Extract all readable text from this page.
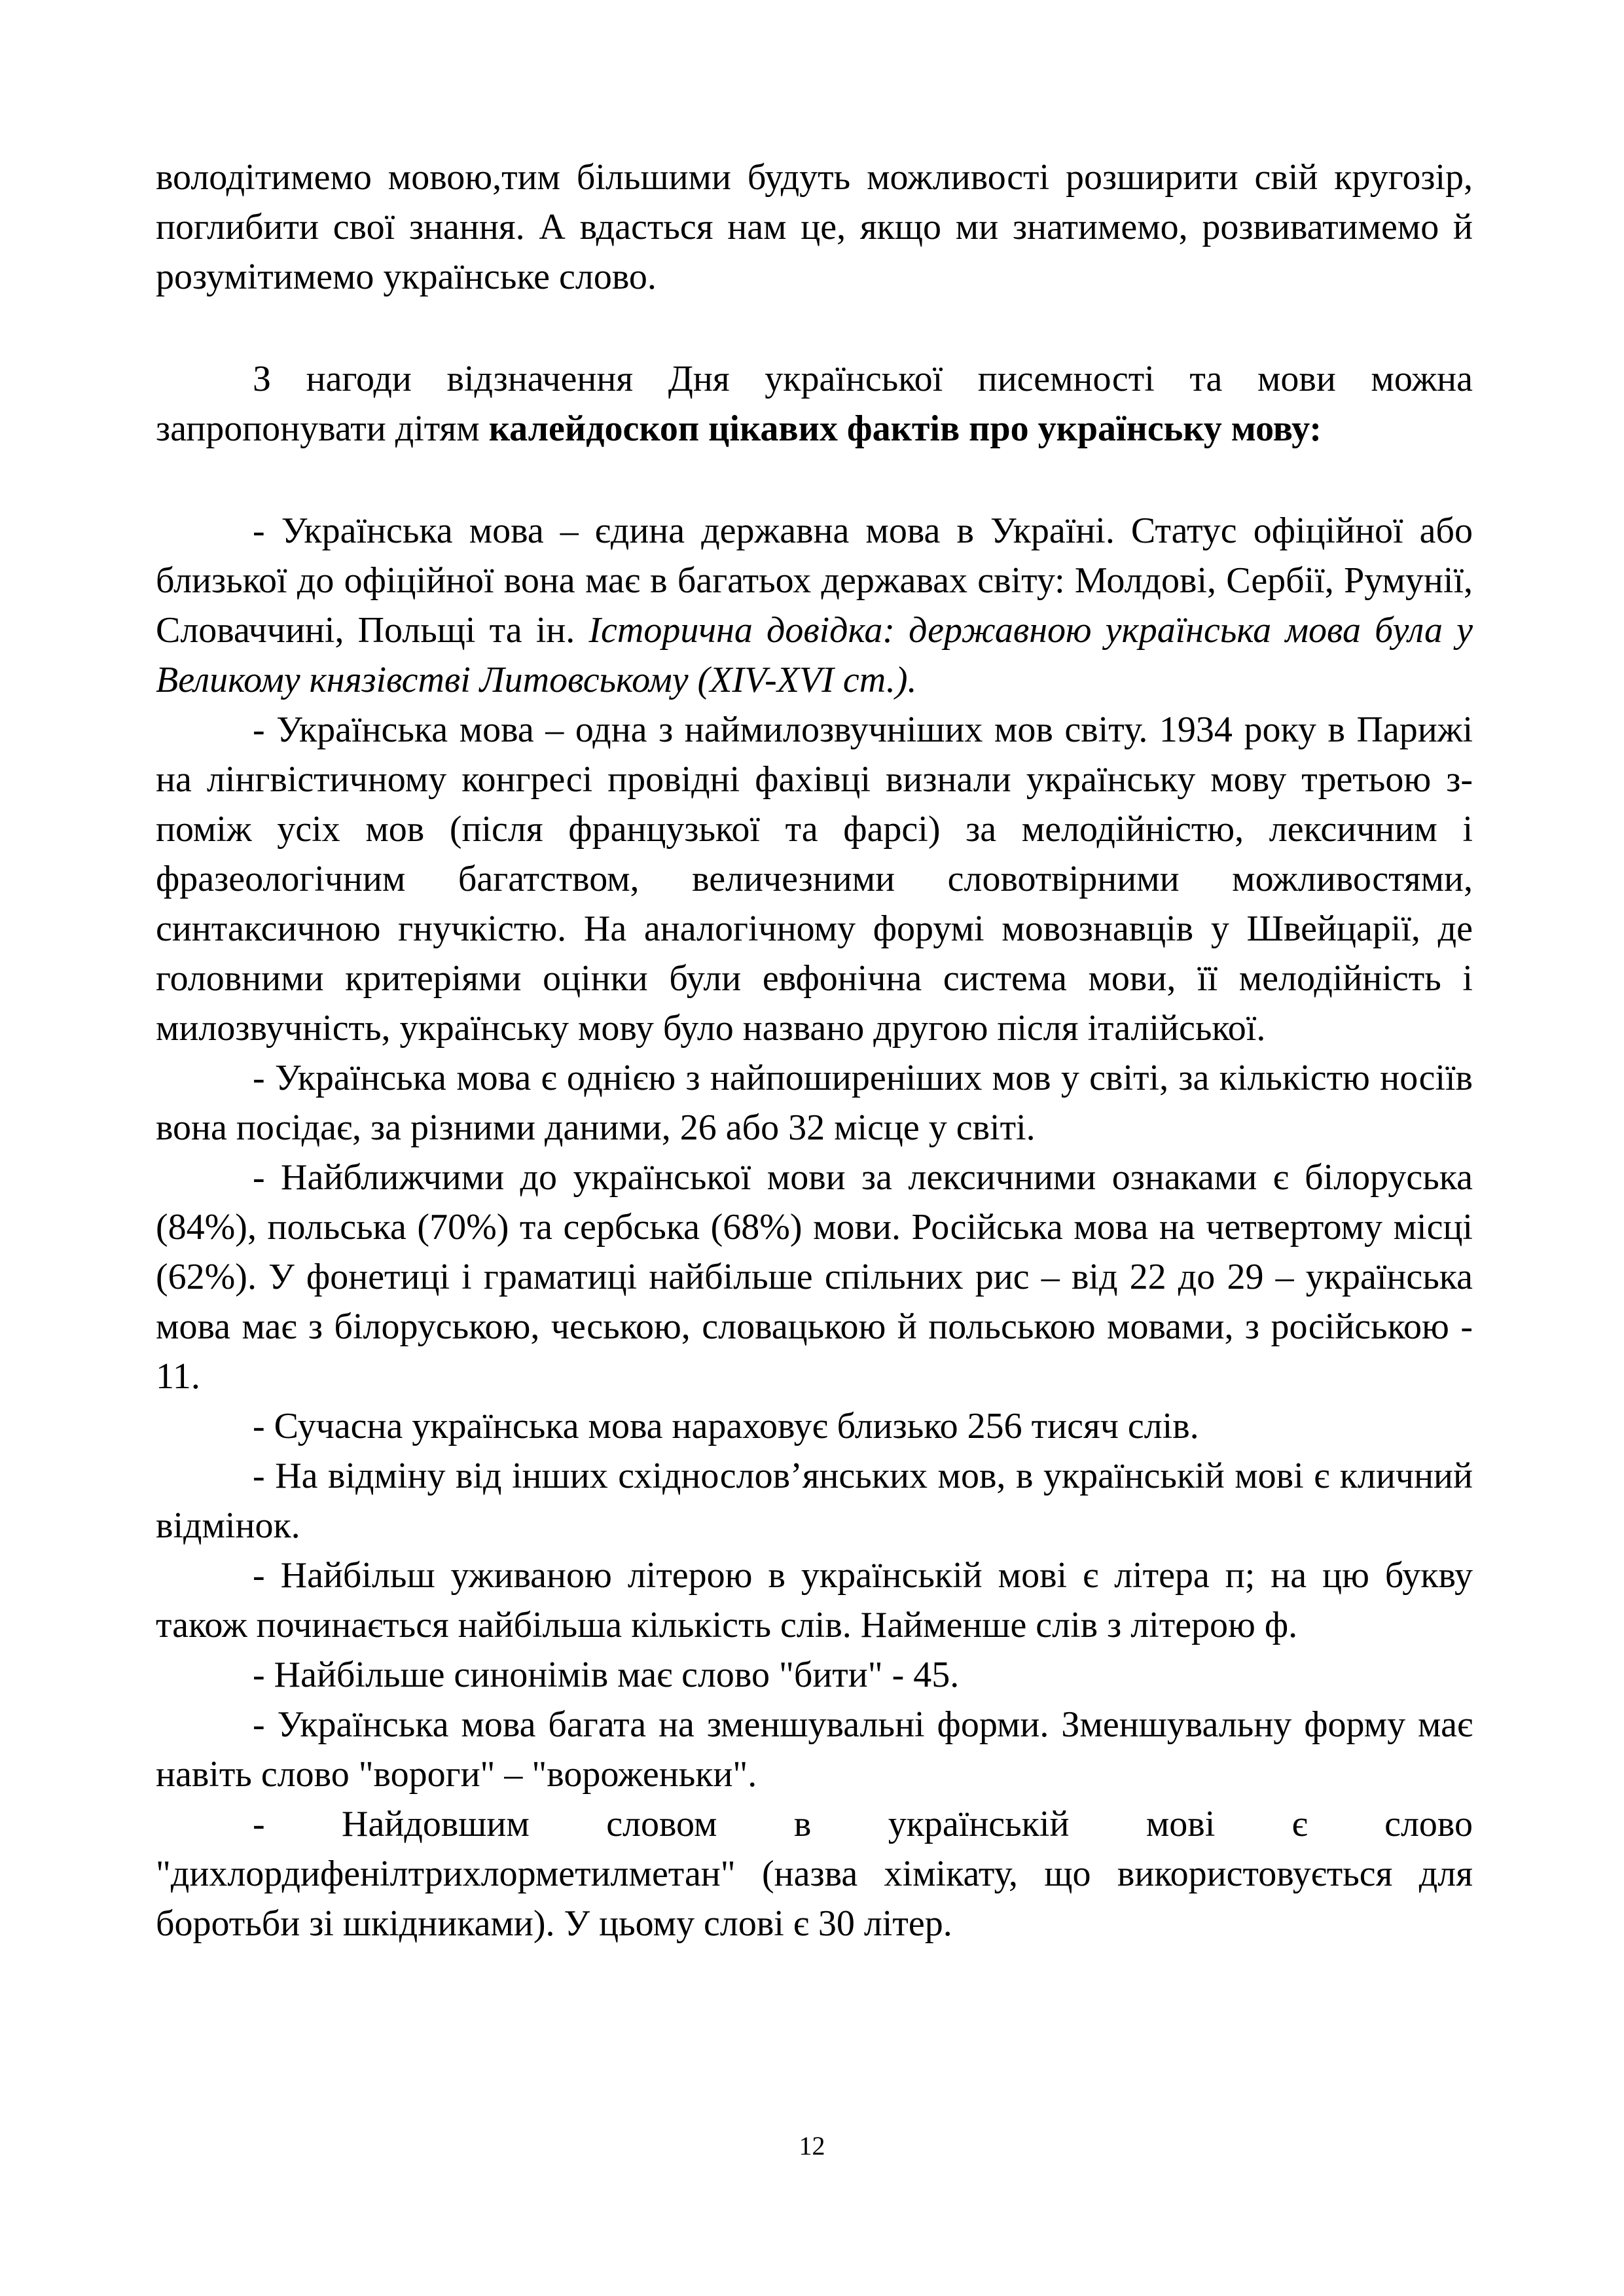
володітимемо мовою,тим більшими будуть можливості розширити свій кругозір, поглибити свої знання. А вдасться нам це, якщо ми знатимемо, розвиватимемо й розумітимемо українське слово.

З нагоди відзначення Дня української писемності та мови можна запропонувати дітям калейдоскоп цікавих фактів про українську мову:

- Українська мова – єдина державна мова в Україні. Статус офіційної або близької до офіційної вона має в багатьох державах світу: Молдові, Сербії, Румунії, Словаччині, Польщі та ін. Історична довідка: державною українська мова була у Великому князівстві Литовському (XIV-XVI ст.).

- Українська мова – одна з наймилозвучніших мов світу. 1934 року в Парижі на лінгвістичному конгресі провідні фахівці визнали українську мову третьою з-поміж усіх мов (після французької та фарсі) за мелодійністю, лексичним і фразеологічним багатством, величезними словотвірними можливостями, синтаксичною гнучкістю. На аналогічному форумі мовознавців у Швейцарії, де головними критеріями оцінки були евфонічна система мови, її мелодійність і милозвучність, українську мову було названо другою після італійської.

- Українська мова є однією з найпоширеніших мов у світі, за кількістю носіїв вона посідає, за різними даними, 26 або 32 місце у світі.

- Найближчими до української мови за лексичними ознаками є білоруська (84%), польська (70%) та сербська (68%) мови. Російська мова на четвертому місці (62%). У фонетиці і граматиці найбільше спільних рис – від 22 до 29 – українська мова має з білоруською, чеською, словацькою й польською мовами, з російською - 11.

- Сучасна українська мова нараховує близько 256 тисяч слів.

- На відміну від інших східнослов’янських мов, в українській мові є кличний відмінок.

- Найбільш уживаною літерою в українській мові є літера п; на цю букву також починається найбільша кількість слів. Найменше слів з літерою ф.

- Найбільше синонімів має слово "бити" - 45.

- Українська мова багата на зменшувальні форми. Зменшувальну форму має навіть слово "вороги" – "вороженьки".

- Найдовшим словом в українській мові є слово "дихлордифенілтрихлорметилметан" (назва хімікату, що використовується для боротьби зі шкідниками). У цьому слові є 30 літер.

12
